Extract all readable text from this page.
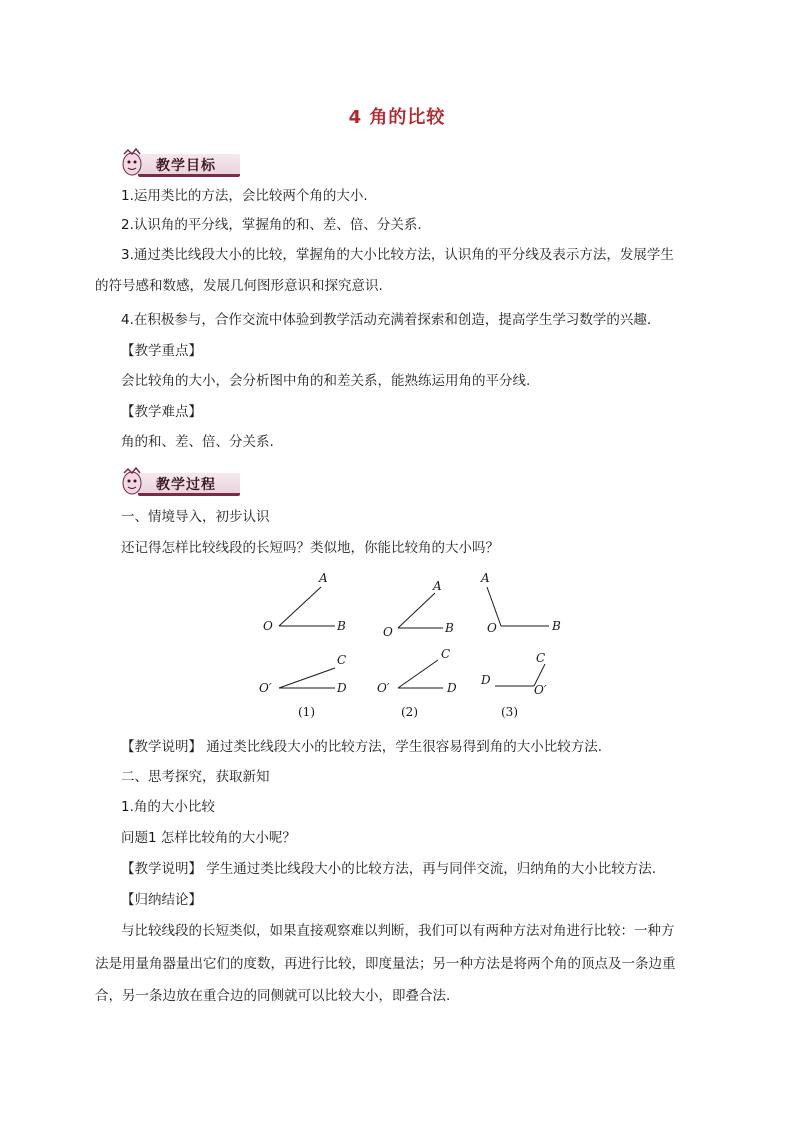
4 角的比较
教学目标
1.运用类比的方法，会比较两个角的大小.
2.认识角的平分线，掌握角的和、差、倍、分关系.
3.通过类比线段大小的比较，掌握角的大小比较方法，认识角的平分线及表示方法，发展学生
的符号感和数感，发展几何图形意识和探究意识.
4.在积极参与，合作交流中体验到教学活动充满着探索和创造，提高学生学习数学的兴趣.
【教学重点】
会比较角的大小，会分析图中角的和差关系，能熟练运用角的平分线.
【教学难点】
角的和、差、倍、分关系.
教学过程
一、情境导入，初步认识
还记得怎样比较线段的长短吗？类似地，你能比较角的大小吗？
A
O	B
C
O′	D
(1)
A
O	B
C
O′	D
(2)
A
O	B
C
D
O′
(3)
【教学说明】 通过类比线段大小的比较方法，学生很容易得到角的大小比较方法.
二、思考探究，获取新知
1.角的大小比较
问题1 怎样比较角的大小呢？
【教学说明】 学生通过类比线段大小的比较方法，再与同伴交流，归纳角的大小比较方法.
【归纳结论】
与比较线段的长短类似，如果直接观察难以判断，我们可以有两种方法对角进行比较：一种方
法是用量角器量出它们的度数，再进行比较，即度量法；另一种方法是将两个角的顶点及一条边重
合，另一条边放在重合边的同侧就可以比较大小，即叠合法.
